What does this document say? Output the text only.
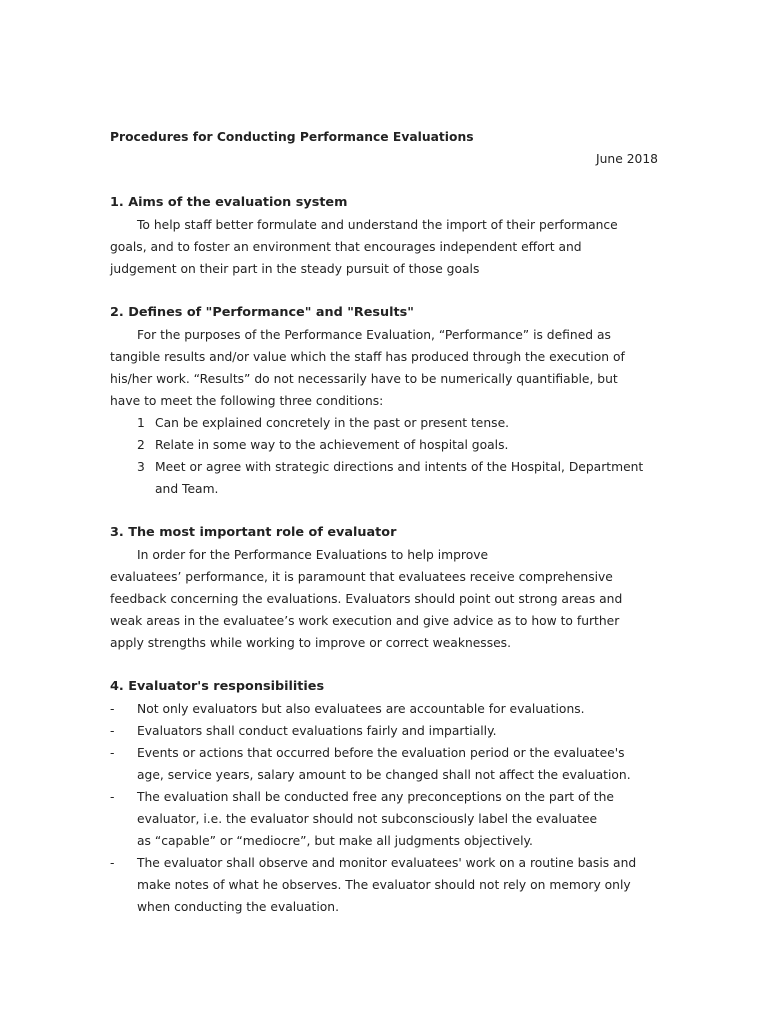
Procedures for Conducting Performance Evaluations

June 2018

1. Aims of the evaluation system

To help staff better formulate and understand the import of their performance
goals, and to foster an environment that encourages independent effort and
judgement on their part in the steady pursuit of those goals

2. Defines of "Performance" and "Results"

For the purposes of the Performance Evaluation, “Performance” is defined as
tangible results and/or value which the staff has produced through the execution of
his/her work. “Results” do not necessarily have to be numerically quantifiable, but
have to meet the following three conditions:

1 Can be explained concretely in the past or present tense.
2 Relate in some way to the achievement of hospital goals.
3 Meet or agree with strategic directions and intents of the Hospital, Department
and Team.

3. The most important role of evaluator

In order for the Performance Evaluations to help improve
evaluatees’ performance, it is paramount that evaluatees receive comprehensive
feedback concerning the evaluations. Evaluators should point out strong areas and
weak areas in the evaluatee’s work execution and give advice as to how to further
apply strengths while working to improve or correct weaknesses.

4. Evaluator's responsibilities

-	Not only evaluators but also evaluatees are accountable for evaluations.
-	Evaluators shall conduct evaluations fairly and impartially.
-	Events or actions that occurred before the evaluation period or the evaluatee's
age, service years, salary amount to be changed shall not affect the evaluation.
-	The evaluation shall be conducted free any preconceptions on the part of the
evaluator, i.e. the evaluator should not subconsciously label the evaluatee
as “capable” or “mediocre”, but make all judgments objectively.
-	The evaluator shall observe and monitor evaluatees' work on a routine basis and
make notes of what he observes. The evaluator should not rely on memory only
when conducting the evaluation.
